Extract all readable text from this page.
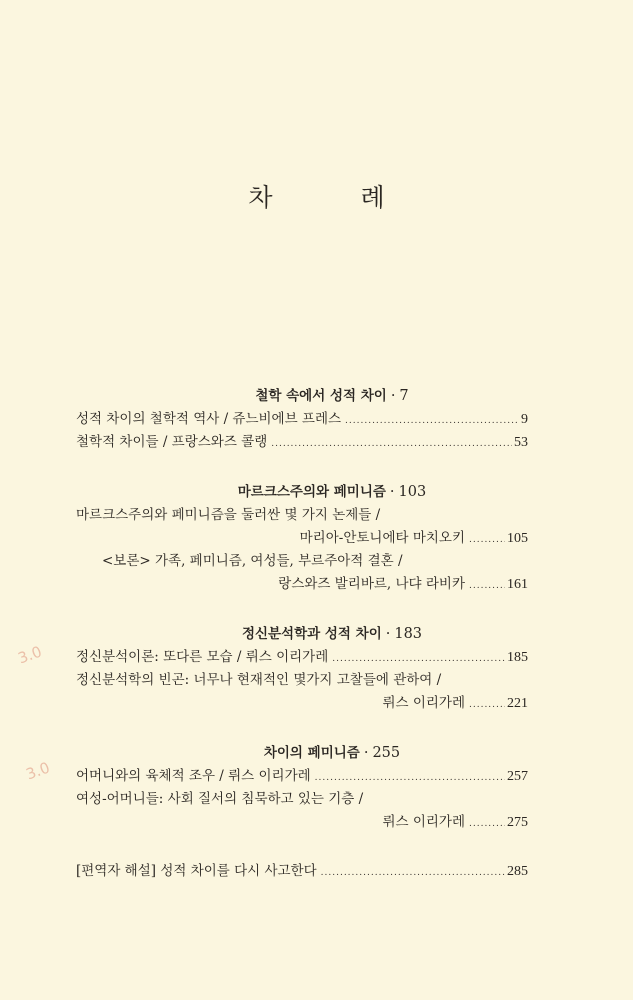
차 례
철학 속에서 성적 차이 · 7
성적 차이의 철학적 역사 / 쥬느비에브 프레스 .....	9
철학적 차이들 / 프랑스와즈 콜랭 .....	53
마르크스주의와 페미니즘 · 103
마르크스주의와 페미니즘을 둘러싼 몇 가지 논제들 /
마리아-안토니에타 마치오키 .....	105
<보론> 가족, 페미니즘, 여성들, 부르주아적 결혼 /
랑스와즈 발리바르, 나댜 라비카 .....	161
정신분석학과 성적 차이 · 183
정신분석이론: 또다른 모습 / 뤼스 이리가레 .....	185
정신분석학의 빈곤: 너무나 현재적인 몇가지 고찰들에 관하여 /
뤼스 이리가레 .....	221
차이의 페미니즘 · 255
어머니와의 육체적 조우 / 뤼스 이리가레 .....	257
여성-어머니들: 사회 질서의 침묵하고 있는 기층 /
뤼스 이리가레 .....	275
[편역자 해설] 성적 차이를 다시 사고한다 .....	285
3.0
3.0
